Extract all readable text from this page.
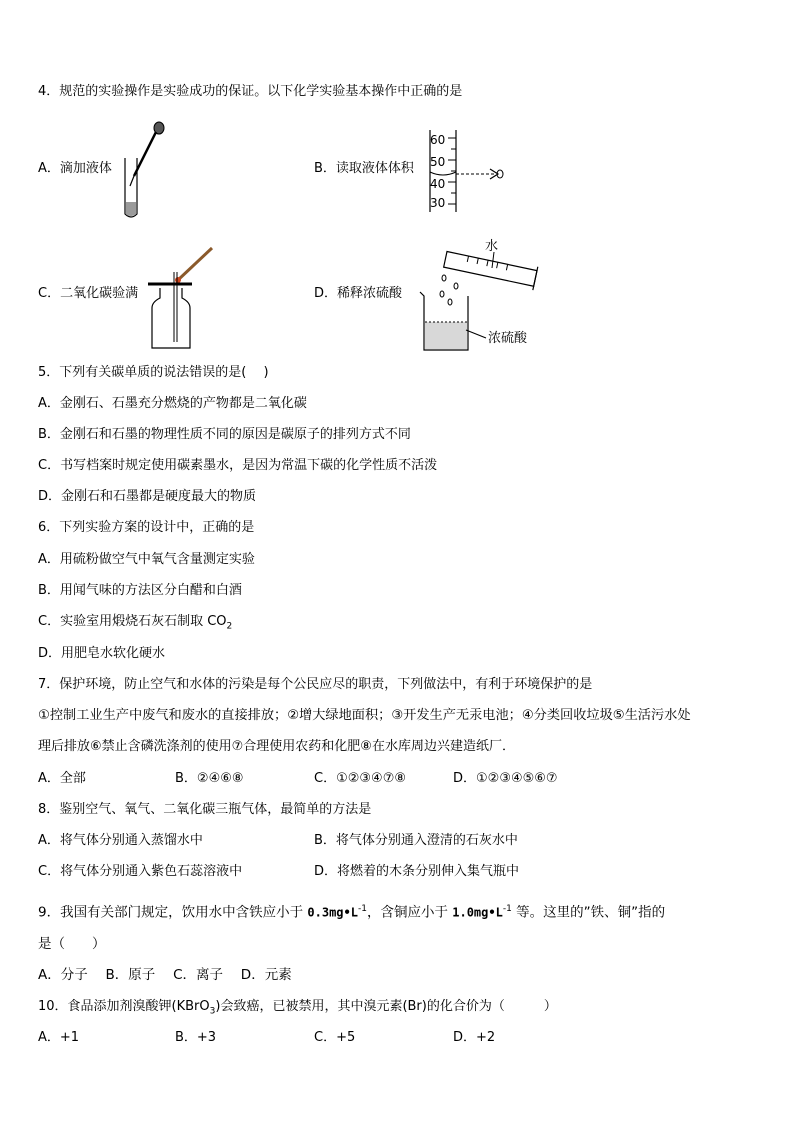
4．规范的实验操作是实验成功的保证。以下化学实验基本操作中正确的是
A．滴加液体	B．读取液体体积
60
50
40
30
C．二氧化碳验满	D．稀释浓硫酸
水
浓硫酸
5．下列有关碳单质的说法错误的是(　 )
A．金刚石、石墨充分燃烧的产物都是二氧化碳
B．金刚石和石墨的物理性质不同的原因是碳原子的排列方式不同
C．书写档案时规定使用碳素墨水，是因为常温下碳的化学性质不活泼
D．金刚石和石墨都是硬度最大的物质
6．下列实验方案的设计中，正确的是
A．用硫粉做空气中氧气含量测定实验
B．用闻气味的方法区分白醋和白酒
C．实验室用煅烧石灰石制取 $CO_2$
D．用肥皂水软化硬水
7．保护环境，防止空气和水体的污染是每个公民应尽的职责，下列做法中，有利于环境保护的是
①控制工业生产中废气和废水的直接排放；②增大绿地面积；③开发生产无汞电池；④分类回收垃圾⑤生活污水处
理后排放⑥禁止含磷洗涤剂的使用⑦合理使用农药和化肥⑧在水库周边兴建造纸厂．
A．全部	B．②④⑥⑧	C．①②③④⑦⑧	D．①②③④⑤⑥⑦
8．鉴别空气、氧气、二氧化碳三瓶气体，最简单的方法是
A．将气体分别通入蒸馏水中	B．将气体分别通入澄清的石灰水中
C．将气体分别通入紫色石蕊溶液中	D．将燃着的木条分别伸入集气瓶中
9．我国有关部门规定，饮用水中含铁应小于 $0.3mg•L^{-1}$，含铜应小于 $1.0mg•L^{-1}$ 等。这里的”铁、铜”指的
是（　　）
A．分子　 B．原子　 C．离子　 D．元素
10．食品添加剂溴酸钾(KBrO$_3$)会致癌，已被禁用，其中溴元素(Br)的化合价为（　　　）
A．+1	B．+3	C．+5	D．+2
